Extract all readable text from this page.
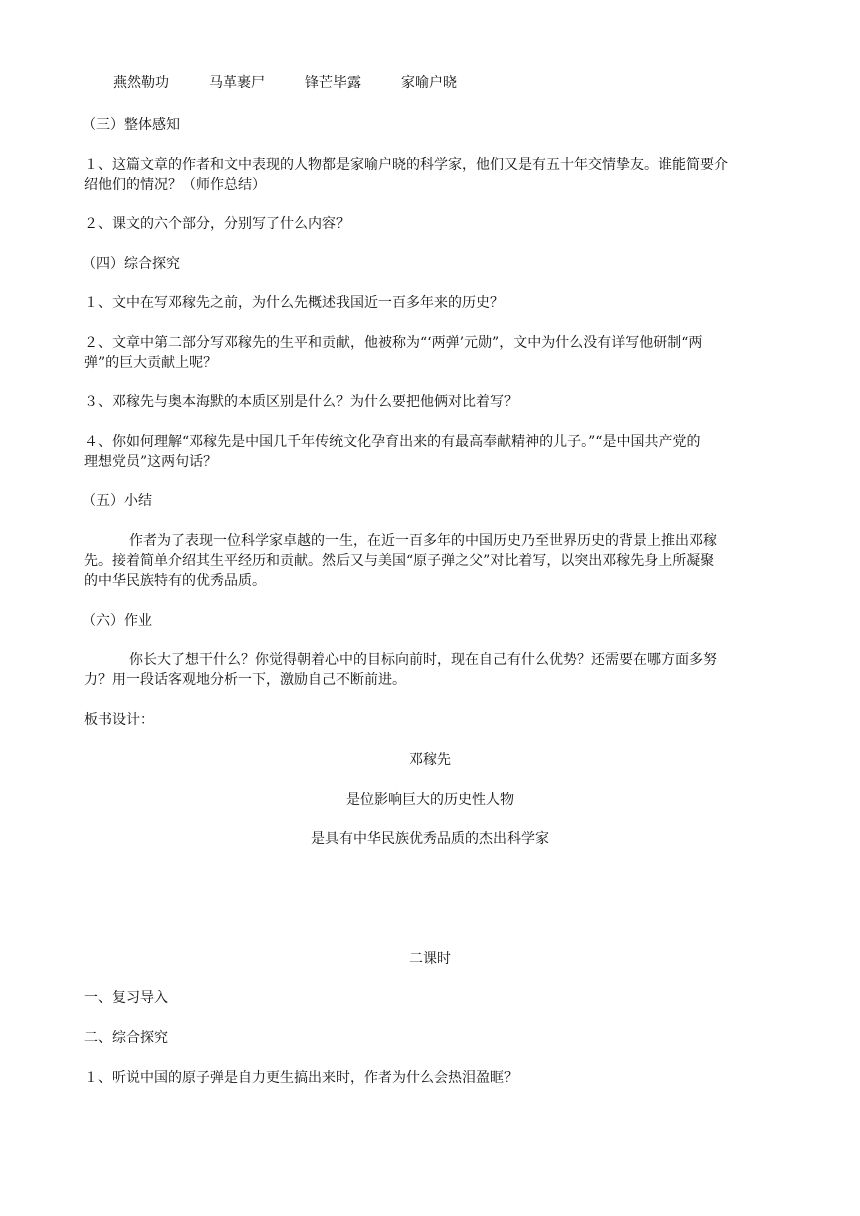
燕然勒功	马革裹尸	锋芒毕露	家喻户晓
（三）整体感知
１、这篇文章的作者和文中表现的人物都是家喻户晓的科学家，他们又是有五十年交情挚友。谁能简要介
绍他们的情况？（师作总结）
２、课文的六个部分，分别写了什么内容？
（四）综合探究
１、文中在写邓稼先之前，为什么先概述我国近一百多年来的历史？
２、文章中第二部分写邓稼先的生平和贡献，他被称为“‘两弹’元勋”，文中为什么没有详写他研制“两
弹”的巨大贡献上呢？
３、邓稼先与奥本海默的本质区别是什么？为什么要把他俩对比着写？
４、你如何理解“邓稼先是中国几千年传统文化孕育出来的有最高奉献精神的儿子。”“是中国共产党的
理想党员”这两句话？
（五）小结
作者为了表现一位科学家卓越的一生，在近一百多年的中国历史乃至世界历史的背景上推出邓稼
先。接着简单介绍其生平经历和贡献。然后又与美国“原子弹之父”对比着写，以突出邓稼先身上所凝聚
的中华民族特有的优秀品质。
（六）作业
你长大了想干什么？你觉得朝着心中的目标向前时，现在自己有什么优势？还需要在哪方面多努
力？用一段话客观地分析一下，激励自己不断前进。
板书设计：
邓稼先
是位影响巨大的历史性人物
是具有中华民族优秀品质的杰出科学家
二课时
一、复习导入
二、综合探究
１、听说中国的原子弹是自力更生搞出来时，作者为什么会热泪盈眶？
